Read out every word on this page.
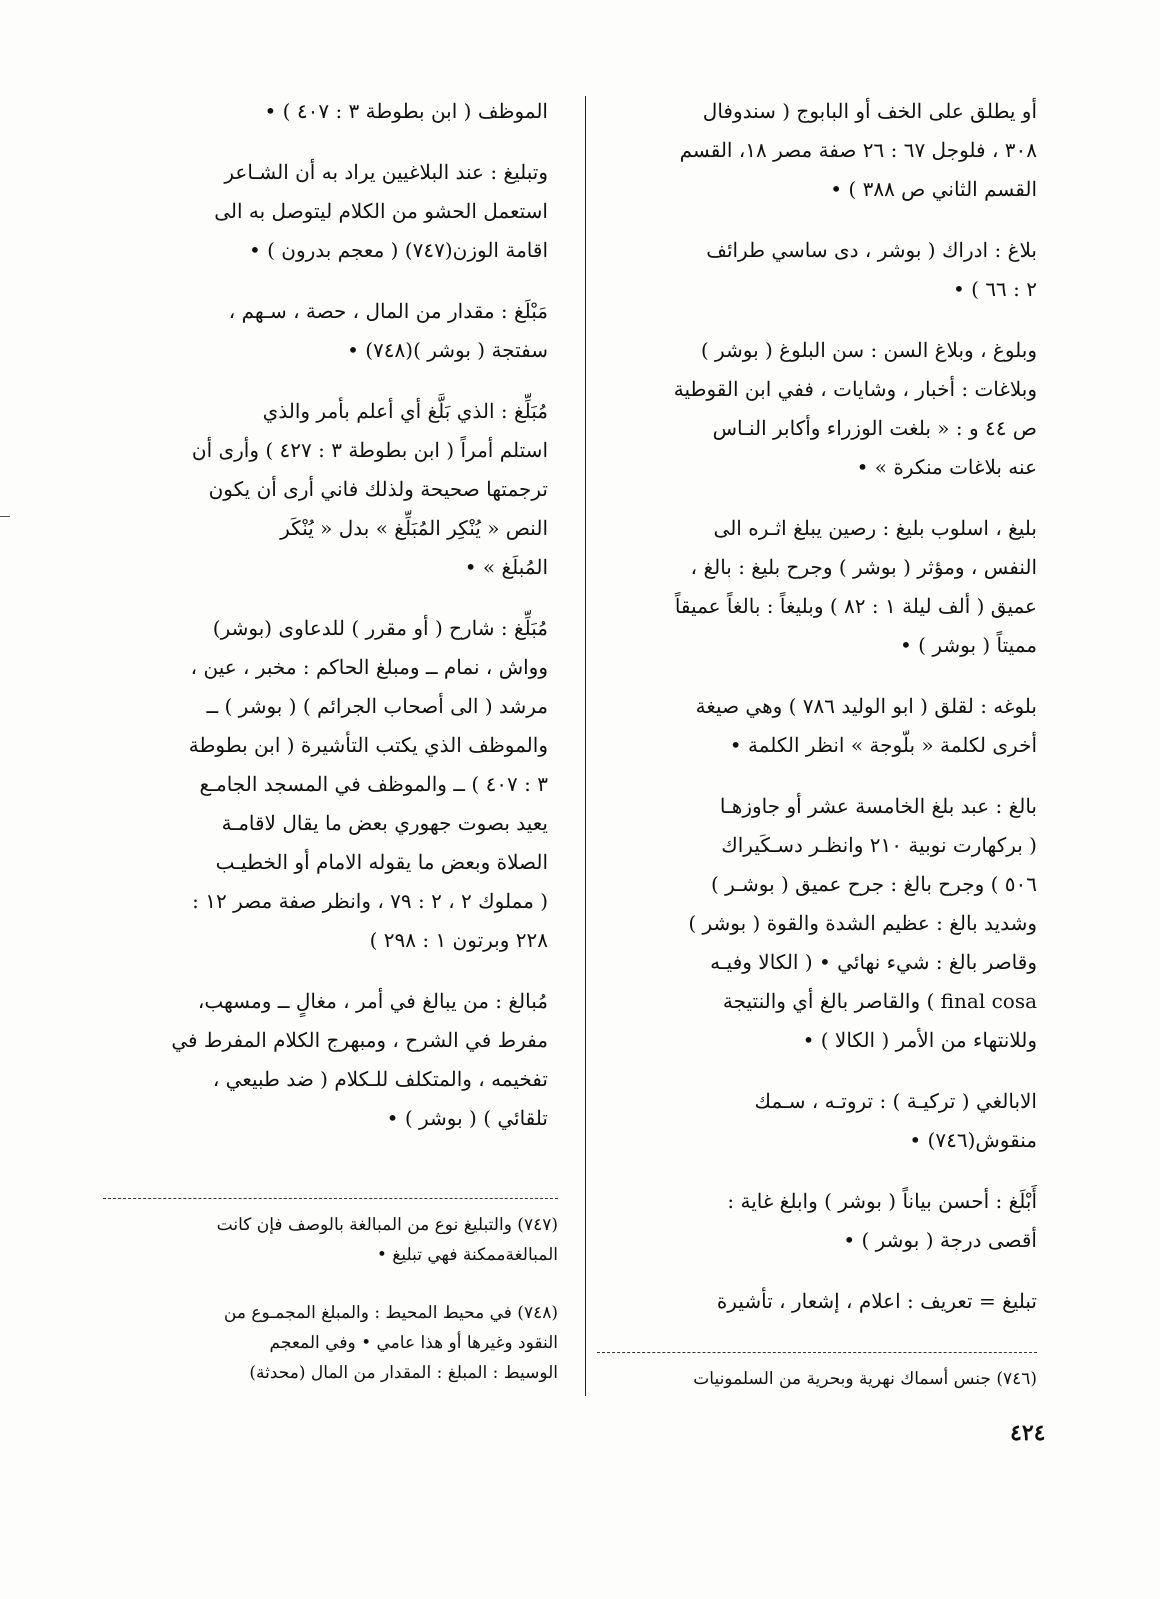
أو يطلق على الخف أو البابوج ( سندوفال
٣٠٨ ، فلوجل ٦٧ : ٢٦ صفة مصر ١٨، القسم
القسم الثاني ص ٣٨٨ ) •

بلاغ : ادراك ( بوشر ، دى ساسي طرائف
٢ : ٦٦ ) •

وبلوغ ، وبلاغ السن : سن البلوغ ( بوشر )
وبلاغات : أخبار ، وشايات ، ففي ابن القوطية
ص ٤٤ و : « بلغت الوزراء وأكابر النـاس
عنه بلاغات منكرة » •

بليغ ، اسلوب بليغ : رصين يبلغ اثـره الى
النفس ، ومؤثر ( بوشر ) وجرح بليغ : بالغ ،
عميق ( ألف ليلة ١ : ٨٢ ) وبليغاً : بالغاً عميقاً
مميتاً ( بوشر ) •

بلوغه : لقلق ( ابو الوليد ٧٨٦ ) وهي صيغة
أخرى لكلمة « بلّوجة » انظر الكلمة •

بالغ : عبد بلغ الخامسة عشر أو جاوزهـا
( بركهارت نوبية ٢١٠ وانظـر دسـكَيراك
٥٠٦ ) وجرح بالغ : جرح عميق ( بوشـر )
وشديد بالغ : عظيم الشدة والقوة ( بوشر )
وقاصر بالغ : شيء نهائي • ( الكالا وفيـه
final cosa ) والقاصر بالغ أي والنتيجة
وللانتهاء من الأمر ( الكالا ) •

الابالغي ( تركيـة ) : تروتـه ، سـمك
منقوش(٧٤٦) •

أَبْلَغ : أحسن بياناً ( بوشر ) وابلغ غاية :
أقصى درجة ( بوشر ) •

تبليغ = تعريف : اعلام ، إشعار ، تأشيرة

الموظف ( ابن بطوطة ٣ : ٤٠٧ ) •

وتبليغ : عند البلاغيين يراد به أن الشـاعر
استعمل الحشو من الكلام ليتوصل به الى
اقامة الوزن(٧٤٧) ( معجم بدرون ) •

مَبْلَغ : مقدار من المال ، حصة ، سـهم ،
سفتجة ( بوشر )(٧٤٨) •

مُبَلِّغ : الذي بَلَّغ أي أعلم بأمر والذي
استلم أمراً ( ابن بطوطة ٣ : ٤٢٧ ) وأرى أن
ترجمتها صحيحة ولذلك فاني أرى أن يكون
النص « يُنْكِر المُبَلِّغ » بدل « يُنْكَر
المُبلَغ » •

مُبَلِّغ : شارح ( أو مقرر ) للدعاوى (بوشر)
وواش ، نمام ــ ومبلغ الحاكم : مخبر ، عين ،
مرشد ( الى أصحاب الجرائم ) ( بوشر ) ــ
والموظف الذي يكتب التأشيرة ( ابن بطوطة
٣ : ٤٠٧ ) ــ والموظف في المسجد الجامـع
يعيد بصوت جهوري بعض ما يقال لاقامـة
الصلاة وبعض ما يقوله الامام أو الخطيـب
( مملوك ٢ ، ٢ : ٧٩ ، وانظر صفة مصر ١٢ :
٢٢٨ وبرتون ١ : ٢٩٨ )

مُبالغ : من يبالغ في أمر ، مغالٍ ــ ومسهب،
مفرط في الشرح ، ومبهرج الكلام المفرط في
تفخيمه ، والمتكلف للـكلام ( ضد طبيعي ،
تلقائي ) ( بوشر ) •

(٧٤٧) والتبليغ نوع من المبالغة بالوصف فإن كانت
المبالغةممكنة فهي تبليغ •
(٧٤٨) في محيط المحيط : والمبلغ المجمـوع من
النقود وغيرها أو هذا عامي • وفي المعجم
الوسيط : المبلغ : المقدار من المال (محدثة)	(٧٤٦) جنس أسماك نهرية وبحرية من السلمونيات
٤٢٤
